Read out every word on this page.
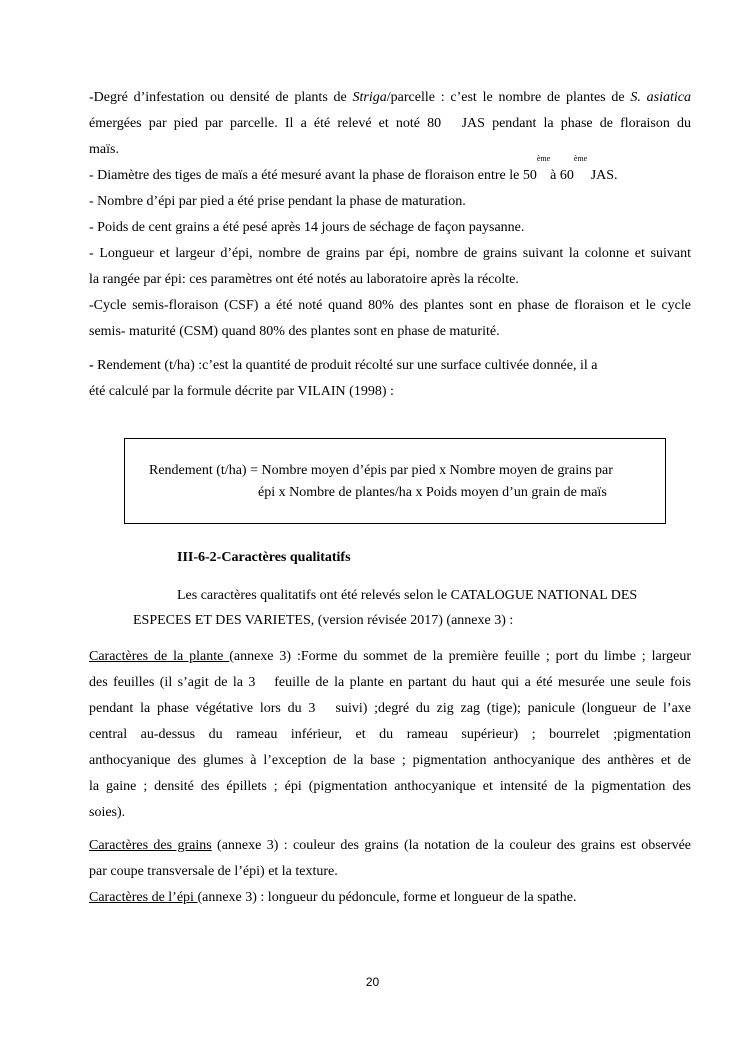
-Degré d’infestation ou densité de plants de Striga/parcelle : c’est le nombre de plantes de S. asiatica
émergées par pied par parcelle. Il a été relevé et noté 80 JAS pendant la phase de floraison du
maïs.
- Diamètre des tiges de maïs a été mesuré avant la phase de floraison entre le 50èmeà 60ème JAS.
- Nombre d’épi par pied a été prise pendant la phase de maturation.
- Poids de cent grains a été pesé après 14 jours de séchage de façon paysanne.
- Longueur et largeur d’épi, nombre de grains par épi, nombre de grains suivant la colonne et suivant
la rangée par épi: ces paramètres ont été notés au laboratoire après la récolte.
-Cycle semis-floraison (CSF) a été noté quand 80% des plantes sont en phase de floraison et le cycle
semis- maturité (CSM) quand 80% des plantes sont en phase de maturité.
- Rendement (t/ha) :c’est la quantité de produit récolté sur une surface cultivée donnée, il a
été calculé par la formule décrite par VILAIN (1998) :
Rendement (t/ha) = Nombre moyen d’épis par pied x Nombre moyen de grains par
épi x Nombre de plantes/ha x Poids moyen d’un grain de maïs
III-6-2-Caractères qualitatifs
Les caractères qualitatifs ont été relevés selon le CATALOGUE NATIONAL DES
ESPECES ET DES VARIETES, (version révisée 2017) (annexe 3) :
Caractères de la plante (annexe 3) :Forme du sommet de la première feuille ; port du limbe ; largeur
des feuilles (il s’agit de la 3 feuille de la plante en partant du haut qui a été mesurée une seule fois
pendant la phase végétative lors du 3 suivi) ;degré du zig zag (tige); panicule (longueur de l’axe
central au-dessus du rameau inférieur, et du rameau supérieur) ; bourrelet ;pigmentation
anthocyanique des glumes à l’exception de la base ; pigmentation anthocyanique des anthères et de
la gaine ; densité des épillets ; épi (pigmentation anthocyanique et intensité de la pigmentation des
soies).
Caractères des grains (annexe 3) : couleur des grains (la notation de la couleur des grains est observée
par coupe transversale de l’épi) et la texture.
Caractères de l’épi (annexe 3) : longueur du pédoncule, forme et longueur de la spathe.
20
